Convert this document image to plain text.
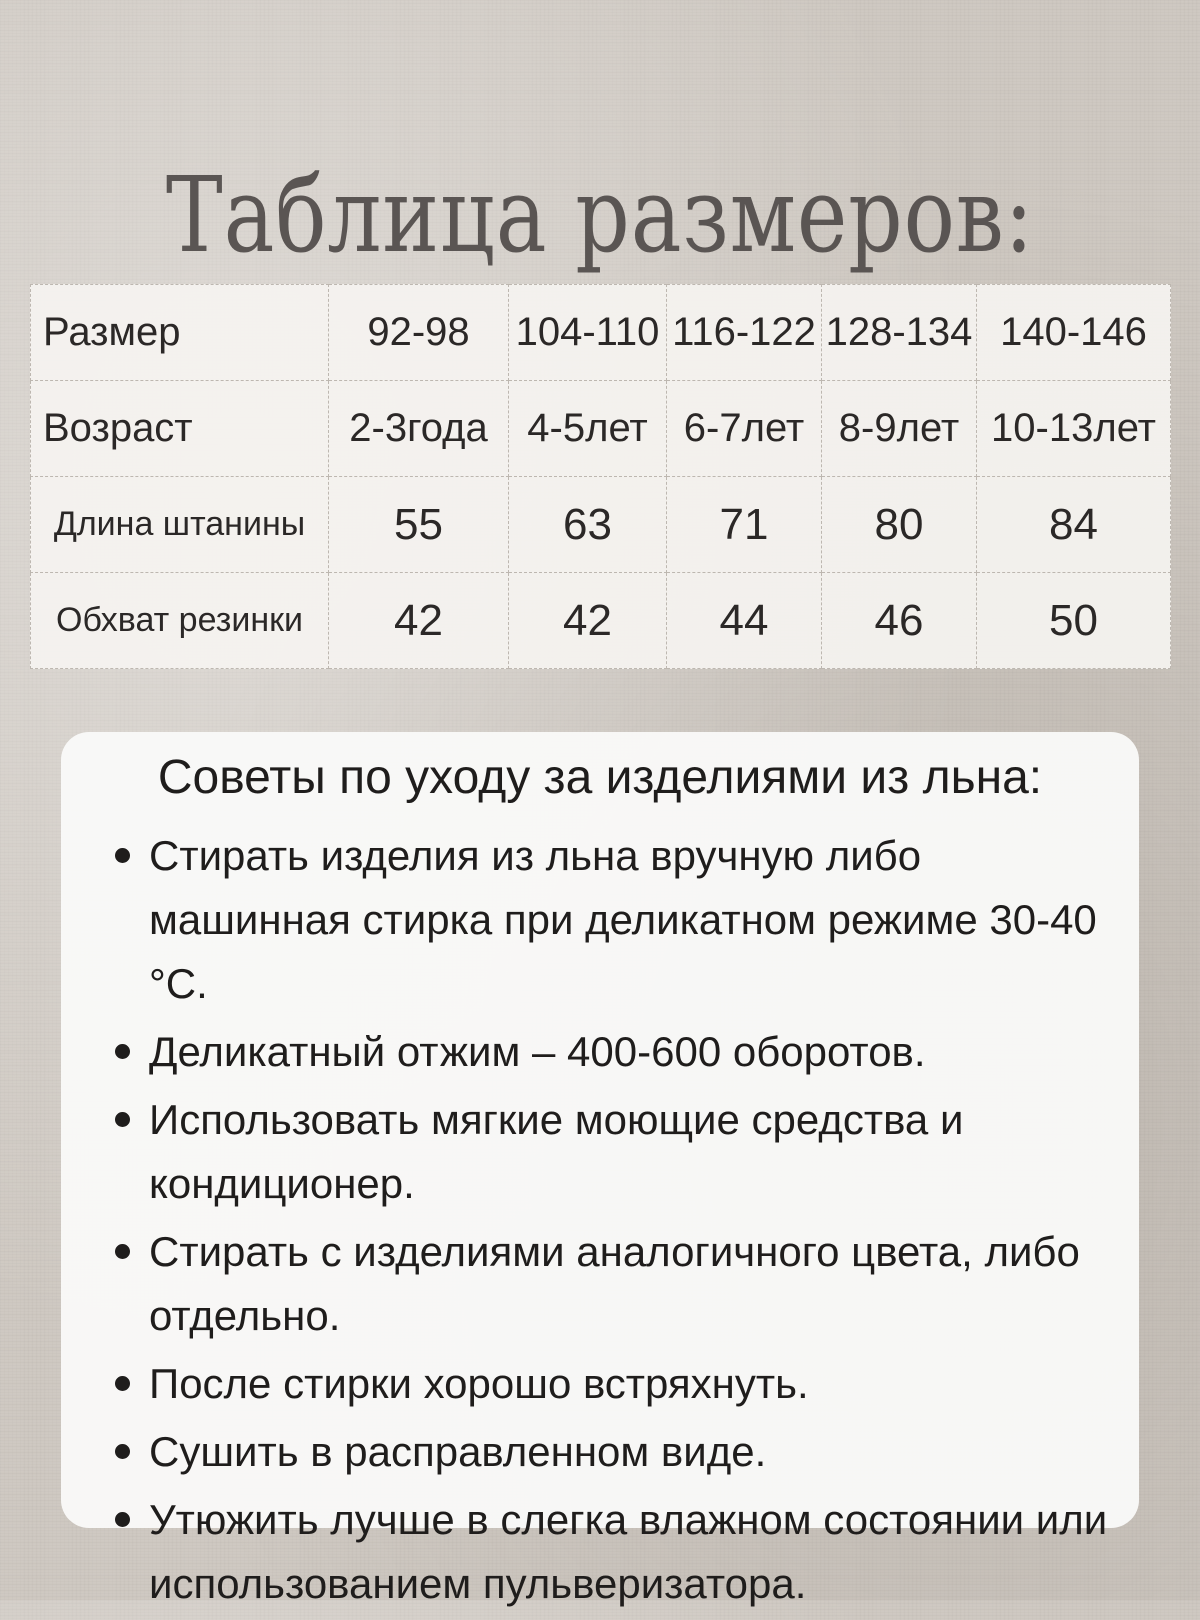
Таблица размеров:
Размер	92-98	104-110	116-122	128-134	140-146
Возраст	2-3года	4-5лет	6-7лет	8-9лет	10-13лет
Длина штанины	55	63	71	80	84
Обхват резинки	42	42	44	46	50
Советы по уходу за изделиями из льна:
Стирать изделия из льна вручную либо машинная стирка при деликатном режиме 30-40 °С.
Деликатный отжим – 400-600 оборотов.
Использовать мягкие моющие средства и кондиционер.
Стирать с изделиями аналогичного цвета, либо отдельно.
После стирки хорошо встряхнуть.
Сушить в расправленном виде.
Утюжить лучше в слегка влажном состоянии или использованием пульверизатора.
